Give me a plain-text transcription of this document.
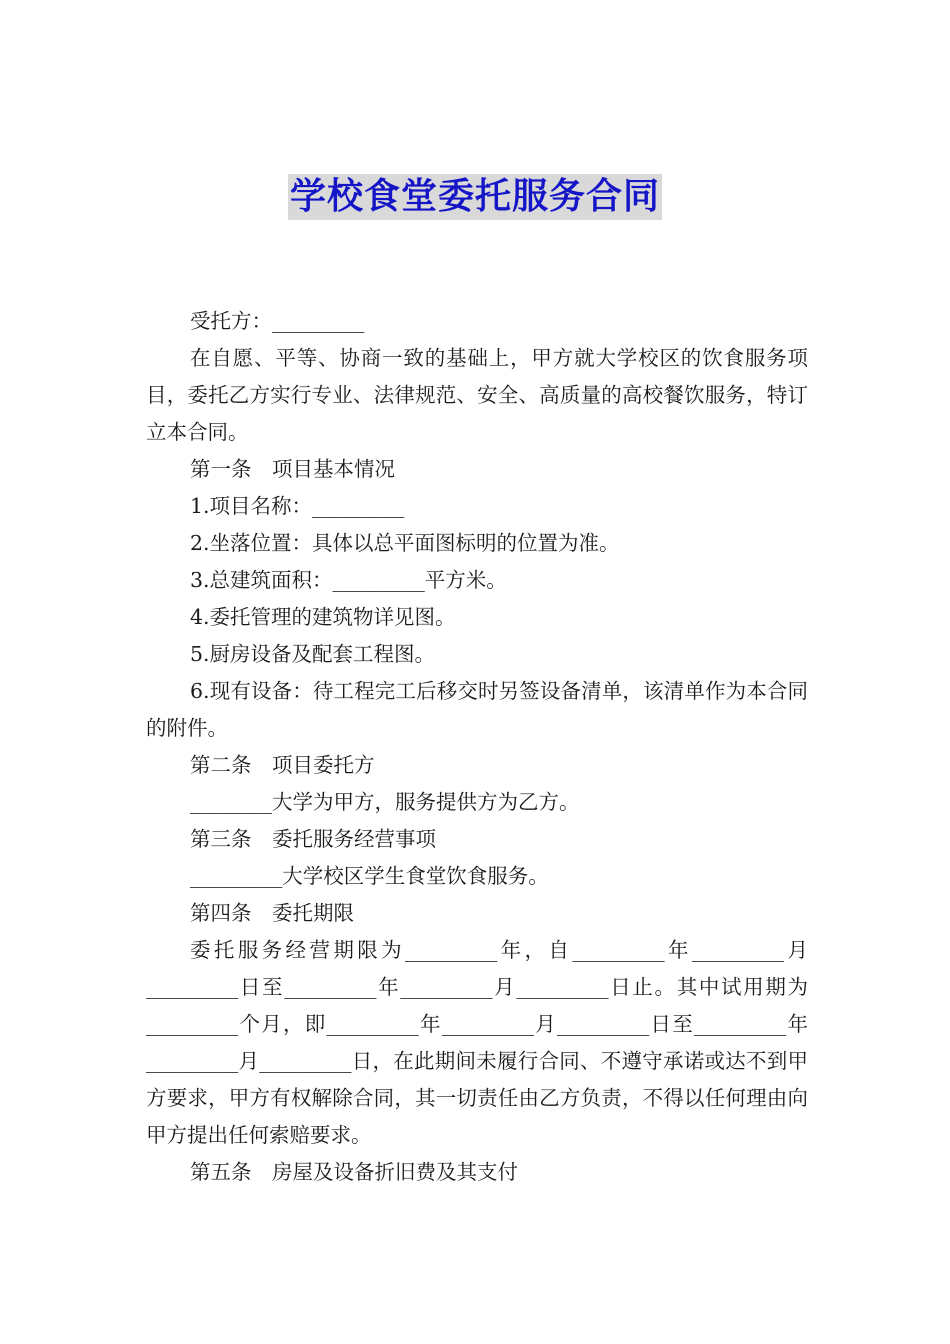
学校食堂委托服务合同

受托方：_________

在自愿、平等、协商一致的基础上，甲方就大学校区的饮食服务项目，委托乙方实行专业、法律规范、安全、高质量的高校餐饮服务，特订立本合同。

第一条　项目基本情况

1.项目名称：_________

2.坐落位置：具体以总平面图标明的位置为准。

3.总建筑面积：_________平方米。

4.委托管理的建筑物详见图。

5.厨房设备及配套工程图。

6.现有设备：待工程完工后移交时另签设备清单，该清单作为本合同的附件。

第二条　项目委托方

________大学为甲方，服务提供方为乙方。

第三条　委托服务经营事项

_________大学校区学生食堂饮食服务。

第四条　委托期限

委托服务经营期限为_________年，自_________年_________月_________日至_________年_________月_________日止。其中试用期为_________个月，即_________年_________月_________日至_________年_________月_________日，在此期间未履行合同、不遵守承诺或达不到甲方要求，甲方有权解除合同，其一切责任由乙方负责，不得以任何理由向甲方提出任何索赔要求。

第五条　房屋及设备折旧费及其支付
